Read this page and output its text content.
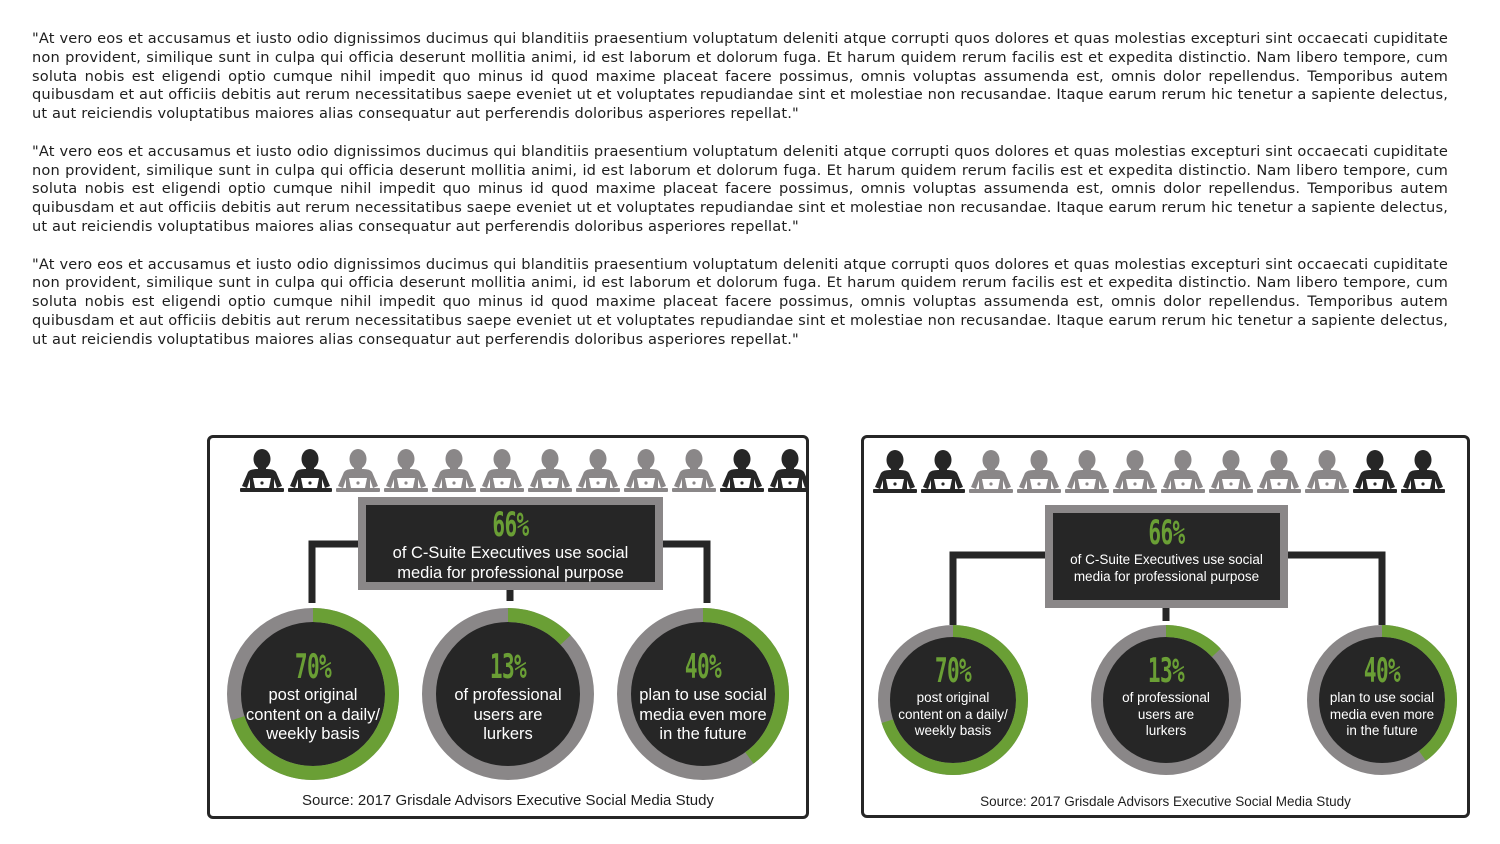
"At vero eos et accusamus et iusto odio dignissimos ducimus qui blanditiis praesentium voluptatum deleniti atque corrupti quos dolores et quas molestias excepturi sint occaecati cupiditate non provident, similique sunt in culpa qui officia deserunt mollitia animi, id est laborum et dolorum fuga. Et harum quidem rerum facilis est et expedita distinctio. Nam libero tempore, cum soluta nobis est eligendi optio cumque nihil impedit quo minus id quod maxime placeat facere possimus, omnis voluptas assumenda est, omnis dolor repellendus. Temporibus autem quibusdam et aut officiis debitis aut rerum necessitatibus saepe eveniet ut et voluptates repudiandae sint et molestiae non recusandae. Itaque earum rerum hic tenetur a sapiente delectus, ut aut reiciendis voluptatibus maiores alias consequatur aut perferendis doloribus asperiores repellat."

"At vero eos et accusamus et iusto odio dignissimos ducimus qui blanditiis praesentium voluptatum deleniti atque corrupti quos dolores et quas molestias excepturi sint occaecati cupiditate non provident, similique sunt in culpa qui officia deserunt mollitia animi, id est laborum et dolorum fuga. Et harum quidem rerum facilis est et expedita distinctio. Nam libero tempore, cum soluta nobis est eligendi optio cumque nihil impedit quo minus id quod maxime placeat facere possimus, omnis voluptas assumenda est, omnis dolor repellendus. Temporibus autem quibusdam et aut officiis debitis aut rerum necessitatibus saepe eveniet ut et voluptates repudiandae sint et molestiae non recusandae. Itaque earum rerum hic tenetur a sapiente delectus, ut aut reiciendis voluptatibus maiores alias consequatur aut perferendis doloribus asperiores repellat."

"At vero eos et accusamus et iusto odio dignissimos ducimus qui blanditiis praesentium voluptatum deleniti atque corrupti quos dolores et quas molestias excepturi sint occaecati cupiditate non provident, similique sunt in culpa qui officia deserunt mollitia animi, id est laborum et dolorum fuga. Et harum quidem rerum facilis est et expedita distinctio. Nam libero tempore, cum soluta nobis est eligendi optio cumque nihil impedit quo minus id quod maxime placeat facere possimus, omnis voluptas assumenda est, omnis dolor repellendus. Temporibus autem quibusdam et aut officiis debitis aut rerum necessitatibus saepe eveniet ut et voluptates repudiandae sint et molestiae non recusandae. Itaque earum rerum hic tenetur a sapiente delectus, ut aut reiciendis voluptatibus maiores alias consequatur aut perferendis doloribus asperiores repellat."

66%
of C-Suite Executives use social
media for professional purpose
70%
post original
content on a daily/
weekly basis
13%
of professional
users are
lurkers
40%
plan to use social
media even more
in the future
Source: 2017 Grisdale Advisors Executive Social Media Study
66%
of C-Suite Executives use social
media for professional purpose
70%
post original
content on a daily/
weekly basis
13%
of professional
users are
lurkers
40%
plan to use social
media even more
in the future
Source: 2017 Grisdale Advisors Executive Social Media Study
